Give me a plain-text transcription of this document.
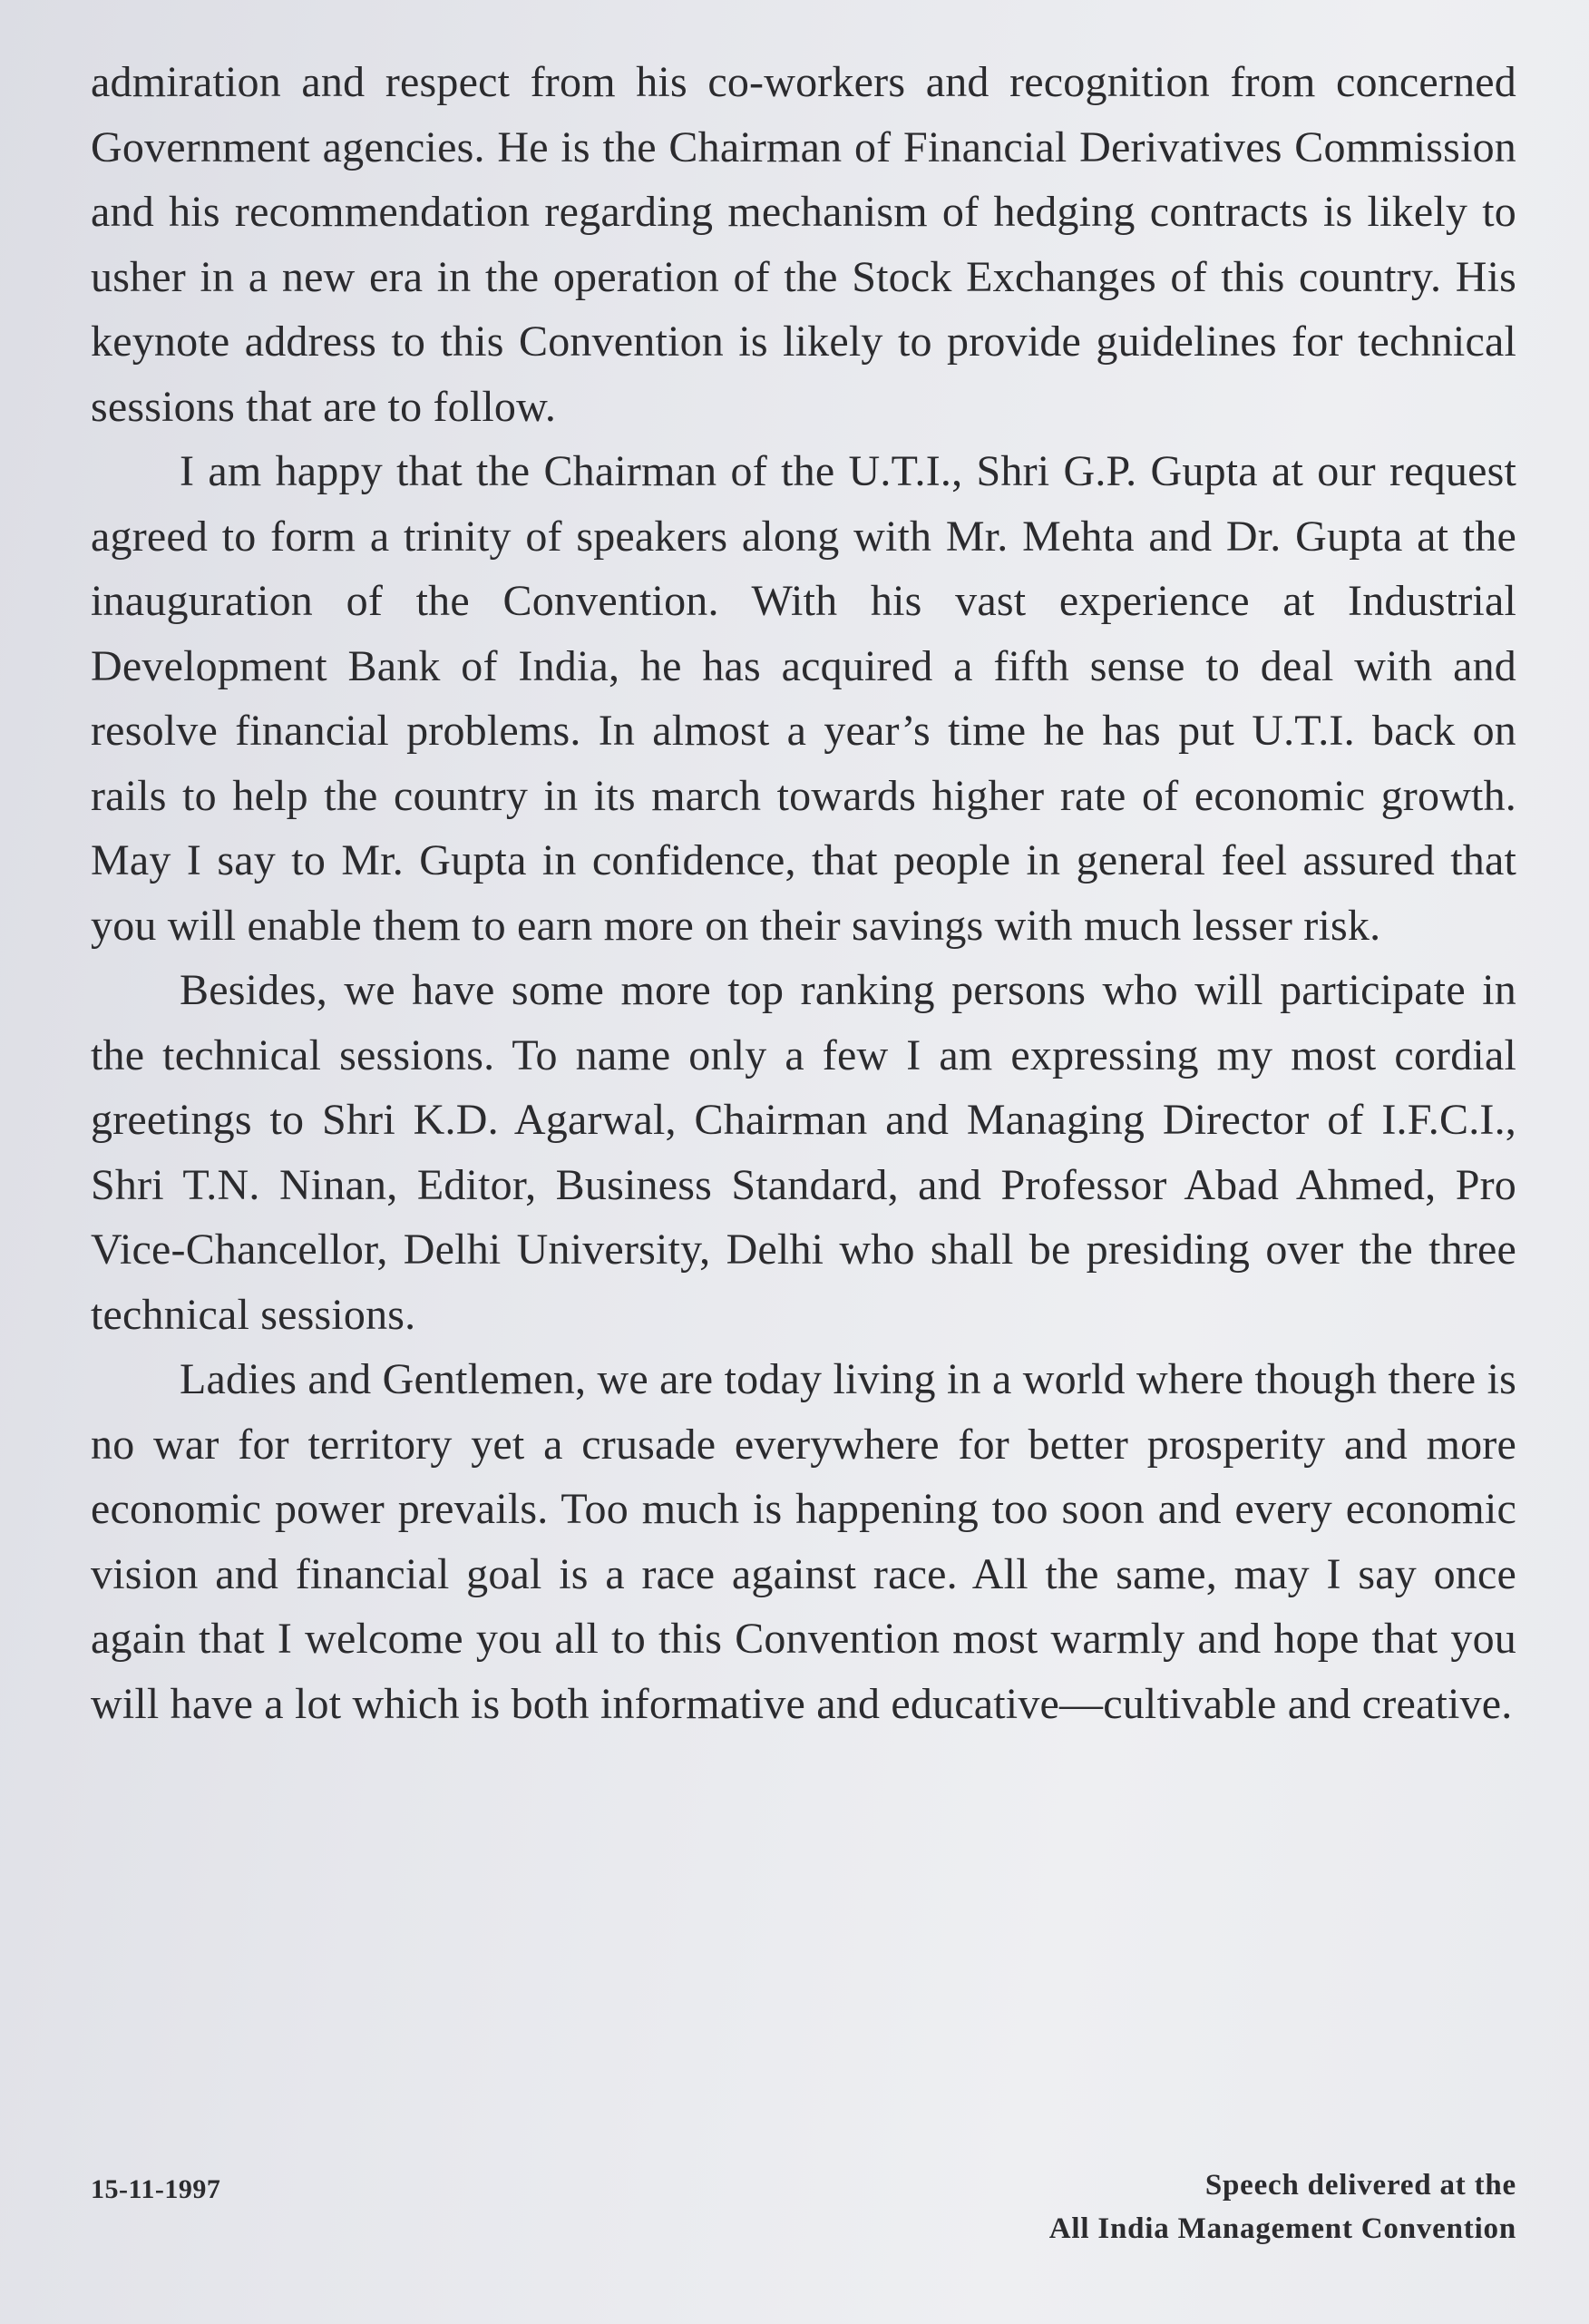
admiration and respect from his co-workers and recognition from concerned Government agencies. He is the Chairman of Financial Derivatives Commission and his recommendation regarding mechanism of hedging contracts is likely to usher in a new era in the operation of the Stock Exchanges of this country. His keynote address to this Convention is likely to provide guidelines for technical sessions that are to follow.

I am happy that the Chairman of the U.T.I., Shri G.P. Gupta at our request agreed to form a trinity of speakers along with Mr. Mehta and Dr. Gupta at the inauguration of the Convention. With his vast experience at Industrial Development Bank of India, he has acquired a fifth sense to deal with and resolve financial problems. In almost a year’s time he has put U.T.I. back on rails to help the country in its march towards higher rate of economic growth. May I say to Mr. Gupta in confidence, that people in general feel assured that you will enable them to earn more on their savings with much lesser risk.

Besides, we have some more top ranking persons who will participate in the technical sessions. To name only a few I am expressing my most cordial greetings to Shri K.D. Agarwal, Chairman and Managing Director of I.F.C.I., Shri T.N. Ninan, Editor, Business Standard, and Professor Abad Ahmed, Pro Vice-Chancellor, Delhi University, Delhi who shall be presiding over the three technical sessions.

Ladies and Gentlemen, we are today living in a world where though there is no war for territory yet a crusade everywhere for better prosperity and more economic power prevails. Too much is happening too soon and every economic vision and financial goal is a race against race. All the same, may I say once again that I welcome you all to this Convention most warmly and hope that you will have a lot which is both informative and educative—cultivable and creative.

15-11-1997	Speech delivered at the
All India Management Convention
